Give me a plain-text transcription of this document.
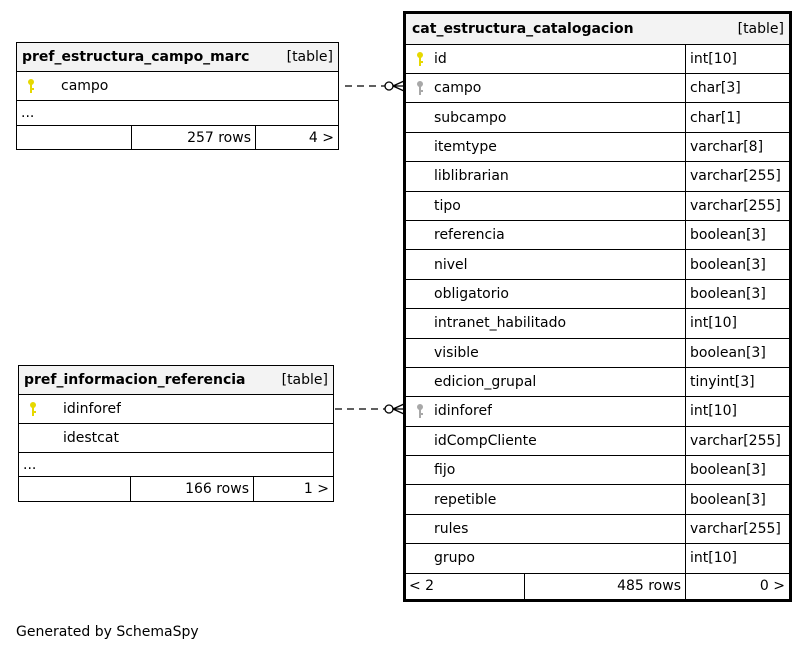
pref_estructura_campo_marc	[table]
campo
...
257 rows	4 >
pref_informacion_referencia	[table]
idinforef
idestcat
...
166 rows	1 >
cat_estructura_catalogacion	[table]
id	int[10]
campo	char[3]
subcampo	char[1]
itemtype	varchar[8]
liblibrarian	varchar[255]
tipo	varchar[255]
referencia	boolean[3]
nivel	boolean[3]
obligatorio	boolean[3]
intranet_habilitado	int[10]
visible	boolean[3]
edicion_grupal	tinyint[3]
idinforef	int[10]
idCompCliente	varchar[255]
fijo	boolean[3]
repetible	boolean[3]
rules	varchar[255]
grupo	int[10]
< 2	485 rows	0 >
Generated by SchemaSpy
